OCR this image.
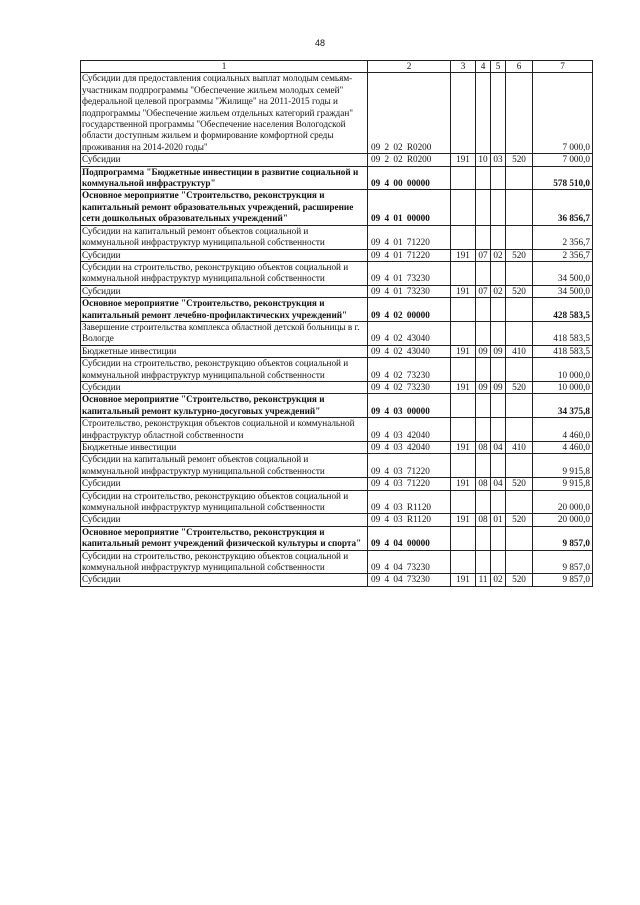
48
1	2	3	4	5	6	7
Субсидии для предоставления социальных выплат молодым семьям-участникам подпрограммы "Обеспечение жильем молодых семей" федеральной целевой программы "Жилище" на 2011-2015 годы и подпрограммы "Обеспечение жильем отдельных категорий граждан" государственной программы "Обеспечение населения Вологодской области доступным жильем и формирование комфортной среды проживания на 2014-2020 годы"	09 2 02 R0200					7 000,0
Субсидии	09 2 02 R0200	191	10	03	520	7 000,0
Подпрограмма "Бюджетные инвестиции в развитие социальной и коммунальной инфраструктур"	09 4 00 00000					578 510,0
Основное мероприятие "Строительство, реконструкция и капитальный ремонт образовательных учреждений, расширение сети дошкольных образовательных учреждений"	09 4 01 00000					36 856,7
Субсидии на капитальный ремонт объектов социальной и коммунальной инфраструктур муниципальной собственности	09 4 01 71220					2 356,7
Субсидии	09 4 01 71220	191	07	02	520	2 356,7
Субсидии на строительство, реконструкцию объектов социальной и коммунальной инфраструктур муниципальной собственности	09 4 01 73230					34 500,0
Субсидии	09 4 01 73230	191	07	02	520	34 500,0
Основное мероприятие "Строительство, реконструкция и капитальный ремонт лечебно-профилактических учреждений"	09 4 02 00000					428 583,5
Завершение строительства комплекса областной детской больницы в г. Вологде	09 4 02 43040					418 583,5
Бюджетные инвестиции	09 4 02 43040	191	09	09	410	418 583,5
Субсидии на строительство, реконструкцию объектов социальной и коммунальной инфраструктур муниципальной собственности	09 4 02 73230					10 000,0
Субсидии	09 4 02 73230	191	09	09	520	10 000,0
Основное мероприятие "Строительство, реконструкция и капитальный ремонт культурно-досуговых учреждений"	09 4 03 00000					34 375,8
Строительство, реконструкция объектов социальной и коммунальной инфраструктур областной собственности	09 4 03 42040					4 460,0
Бюджетные инвестиции	09 4 03 42040	191	08	04	410	4 460,0
Субсидии на капитальный ремонт объектов социальной и коммунальной инфраструктур муниципальной собственности	09 4 03 71220					9 915,8
Субсидии	09 4 03 71220	191	08	04	520	9 915,8
Субсидии на строительство, реконструкцию объектов социальной и коммунальной инфраструктур муниципальной собственности	09 4 03 R1120					20 000,0
Субсидии	09 4 03 R1120	191	08	01	520	20 000,0
Основное мероприятие "Строительство, реконструкция и капитальный ремонт учреждений физической культуры и спорта"	09 4 04 00000					9 857,0
Субсидии на строительство, реконструкцию объектов социальной и коммунальной инфраструктур муниципальной собственности	09 4 04 73230					9 857,0
Субсидии	09 4 04 73230	191	11	02	520	9 857,0
